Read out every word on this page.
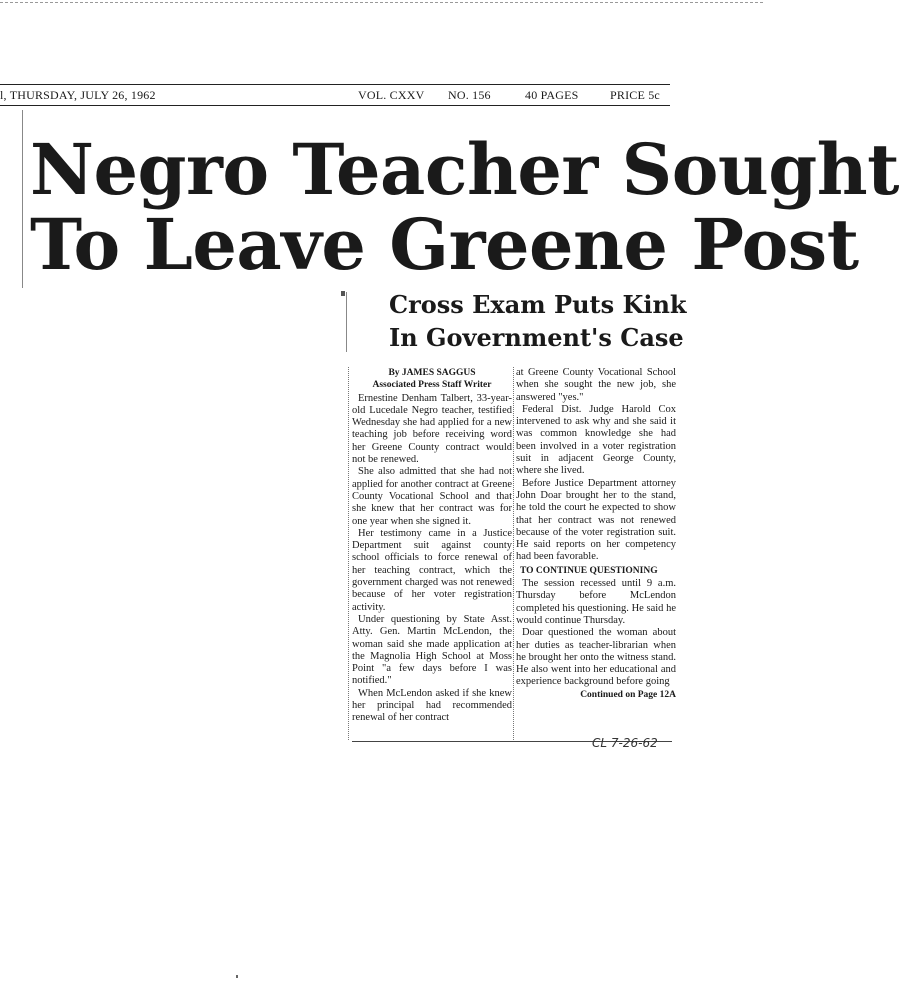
l, THURSDAY, JULY 26, 1962	VOL. CXXV NO. 156	40 PAGES	PRICE 5c
Negro Teacher Sought
To Leave Greene Post
Cross Exam Puts Kink
In Government's Case

By JAMES SAGGUS

Associated Press Staff Writer

Ernestine Denham Talbert, 33-year-old Lucedale Negro teacher, testified Wednesday she had applied for a new teaching job before receiving word her Greene County contract would not be renewed.

She also admitted that she had not applied for another contract at Greene County Vocational School and that she knew that her contract was for one year when she signed it.

Her testimony came in a Justice Department suit against county school officials to force renewal of her teaching contract, which the government charged was not renewed because of her voter registration activity.

Under questioning by State Asst. Atty. Gen. Martin McLendon, the woman said she made application at the Magnolia High School at Moss Point "a few days before I was notified."

When McLendon asked if she knew her principal had recommended renewal of her contract

at Greene County Vocational School when she sought the new job, she answered "yes."

Federal Dist. Judge Harold Cox intervened to ask why and she said it was common knowledge she had been involved in a voter registration suit in adjacent George County, where she lived.

Before Justice Department attorney John Doar brought her to the stand, he told the court he expected to show that her contract was not renewed because of the voter registration suit. He said reports on her competency had been favorable.

TO CONTINUE QUESTIONING

The session recessed until 9 a.m. Thursday before McLendon completed his questioning. He said he would continue Thursday.

Doar questioned the woman about her duties as teacher-librarian when he brought her onto the witness stand. He also went into her educational and experience background before going

Continued on Page 12A

CL 7-26-62
